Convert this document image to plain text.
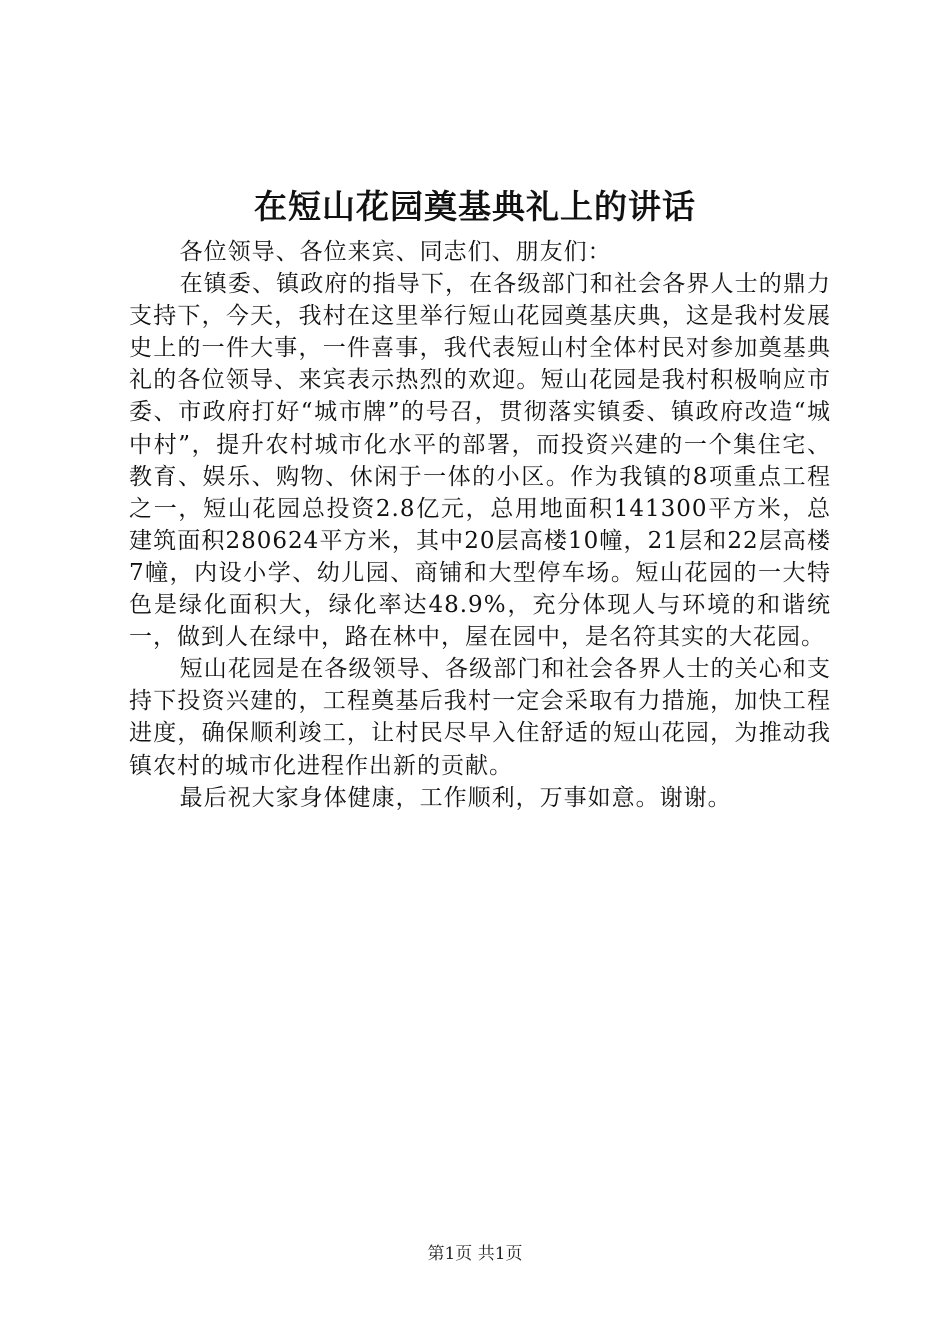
在短山花园奠基典礼上的讲话

各位领导、各位来宾、同志们、朋友们：

在镇委、镇政府的指导下，在各级部门和社会各界人士的鼎力支持下，今天，我村在这里举行短山花园奠基庆典，这是我村发展史上的一件大事，一件喜事，我代表短山村全体村民对参加奠基典礼的各位领导、来宾表示热烈的欢迎。短山花园是我村积极响应市委、市政府打好“城市牌”的号召，贯彻落实镇委、镇政府改造“城中村”，提升农村城市化水平的部署，而投资兴建的一个集住宅、教育、娱乐、购物、休闲于一体的小区。作为我镇的8项重点工程之一，短山花园总投资2.8亿元，总用地面积141300平方米，总建筑面积280624平方米，其中20层高楼10幢，21层和22层高楼7幢，内设小学、幼儿园、商铺和大型停车场。短山花园的一大特色是绿化面积大，绿化率达48.9%，充分体现人与环境的和谐统一，做到人在绿中，路在林中，屋在园中，是名符其实的大花园。

短山花园是在各级领导、各级部门和社会各界人士的关心和支持下投资兴建的，工程奠基后我村一定会采取有力措施，加快工程进度，确保顺利竣工，让村民尽早入住舒适的短山花园，为推动我镇农村的城市化进程作出新的贡献。

最后祝大家身体健康，工作顺利，万事如意。谢谢。

第1页 共1页
